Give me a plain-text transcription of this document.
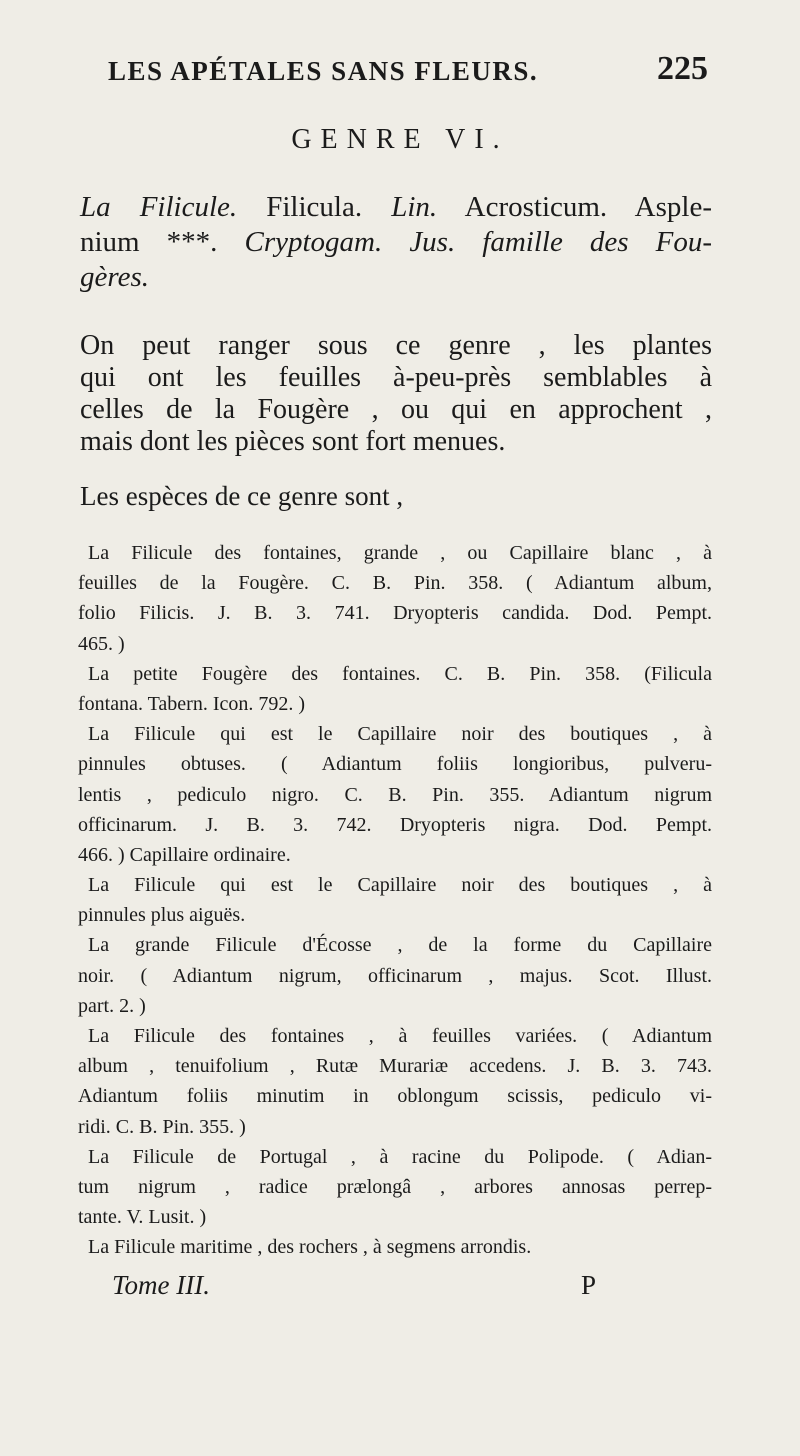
LES APÉTALES SANS FLEURS.	225
GENRE VI.
La Filicule. Filicula. Lin. Acrosticum. Asple-
nium ***. Cryptogam. Jus. famille des Fou-
gères.
On peut ranger sous ce genre , les plantes
qui ont les feuilles à-peu-près semblables à
celles de la Fougère , ou qui en approchent ,
mais dont les pièces sont fort menues.
Les espèces de ce genre sont ,
La Filicule des fontaines, grande , ou Capillaire blanc , à
feuilles de la Fougère. C. B. Pin. 358. ( Adiantum album,
folio Filicis. J. B. 3. 741. Dryopteris candida. Dod. Pempt.
465. )
La petite Fougère des fontaines. C. B. Pin. 358. (Filicula
fontana. Tabern. Icon. 792. )
La Filicule qui est le Capillaire noir des boutiques , à
pinnules obtuses. ( Adiantum foliis longioribus, pulveru-
lentis , pediculo nigro. C. B. Pin. 355. Adiantum nigrum
officinarum. J. B. 3. 742. Dryopteris nigra. Dod. Pempt.
466. ) Capillaire ordinaire.
La Filicule qui est le Capillaire noir des boutiques , à
pinnules plus aiguës.
La grande Filicule d'Écosse , de la forme du Capillaire
noir. ( Adiantum nigrum, officinarum , majus. Scot. Illust.
part. 2. )
La Filicule des fontaines , à feuilles variées. ( Adiantum
album , tenuifolium , Rutæ Murariæ accedens. J. B. 3. 743.
Adiantum foliis minutim in oblongum scissis, pediculo vi-
ridi. C. B. Pin. 355. )
La Filicule de Portugal , à racine du Polipode. ( Adian-
tum nigrum , radice prælongâ , arbores annosas perrep-
tante. V. Lusit. )
La Filicule maritime , des rochers , à segmens arrondis.
Tome III.	P
